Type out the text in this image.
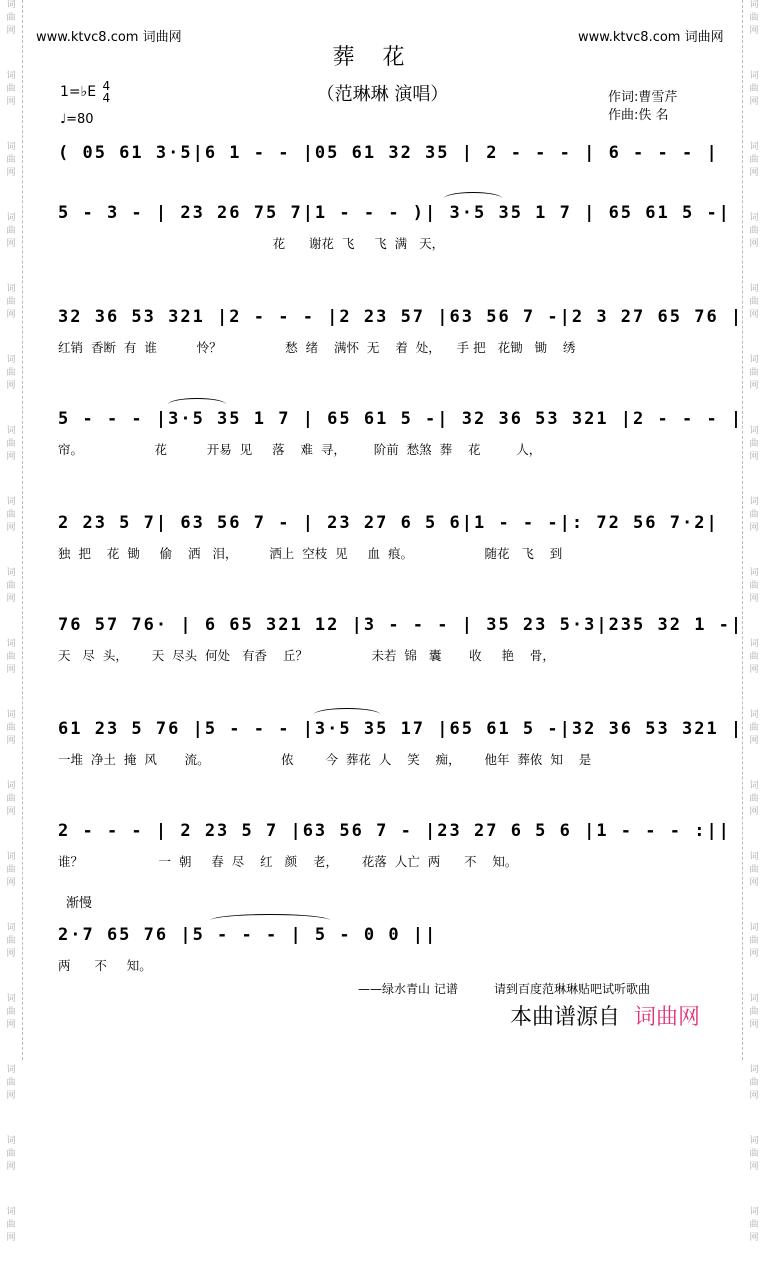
词
曲
网
词
曲
网
词
曲
网
词
曲
网
词
曲
网
词
曲
网
词
曲
网
词
曲
网
词
曲
网
词
曲
网
词
曲
网
词
曲
网
词
曲
网
词
曲
网
词
曲
网
词
曲
网
词
曲
网
词
曲
网
词
曲
网
词
曲
网
词
曲
网
词
曲
网
词
曲
网
词
曲
网
词
曲
网
词
曲
网
词
曲
网
词
曲
网
词
曲
网
词
曲
网
词
曲
网
词
曲
网
词
曲
网
词
曲
网
词
曲
网
词
曲
网
www.ktvc8.com 词曲网	www.ktvc8.com 词曲网
葬花
（范琳琳 演唱）
1=♭E 4
4
♩=80
作词:曹雪芹
作曲:佚 名
( 05 61 3·5|6 1 - - |05 61 32 35 | 2 - - - | 6 - - - |
5 - 3 - | 23 26 75 7|1 - - - )| 3·5 35 1 7 | 65 61 5 -|
花      谢花  飞     飞  满   天，
32 36 53 321 |2 - - - |2 23 57 |63 56 7 -|2 3 27 65 76 |
红销  香断  有  谁          怜？                愁  绪    满怀  无    着  处，    手 把   花锄   锄    绣
5 - - - |3·5 35 1 7 | 65 61 5 -| 32 36 53 321 |2 - - - |
帘。                  花          开易  见     落    难  寻，       阶前  愁煞  葬    花         人，
2 23 5 7| 63 56 7 - | 23 27 6 5 6|1 - - -|: 72 56 7·2|
独  把    花  锄     偷    洒   泪，        洒上  空枝  见     血  痕。                  随花   飞    到
76 57 76· | 6 65 321 12 |3 - - - | 35 23 5·3|235 32 1 -|
天   尽  头，      天  尽头  何处   有香    丘？                未若  锦   囊       收     艳    骨，
61 23 5 76 |5 - - - |3·5 35 17 |65 61 5 -|32 36 53 321 |
一堆  净土  掩  风       流。                  侬        今  葬花  人    笑    痴，      他年  葬侬  知    是
2 - - - | 2 23 5 7 |63 56 7 - |23 27 6 5 6 |1 - - - :||
谁？                   一  朝     春  尽    红   颜    老，      花落  人亡  两      不    知。
渐慢
2·7 65 76 |5 - - - | 5 - 0 0 ||
两      不     知。
——绿水青山 记谱	请到百度范琳琳贴吧试听歌曲
本曲谱源自 词曲网
